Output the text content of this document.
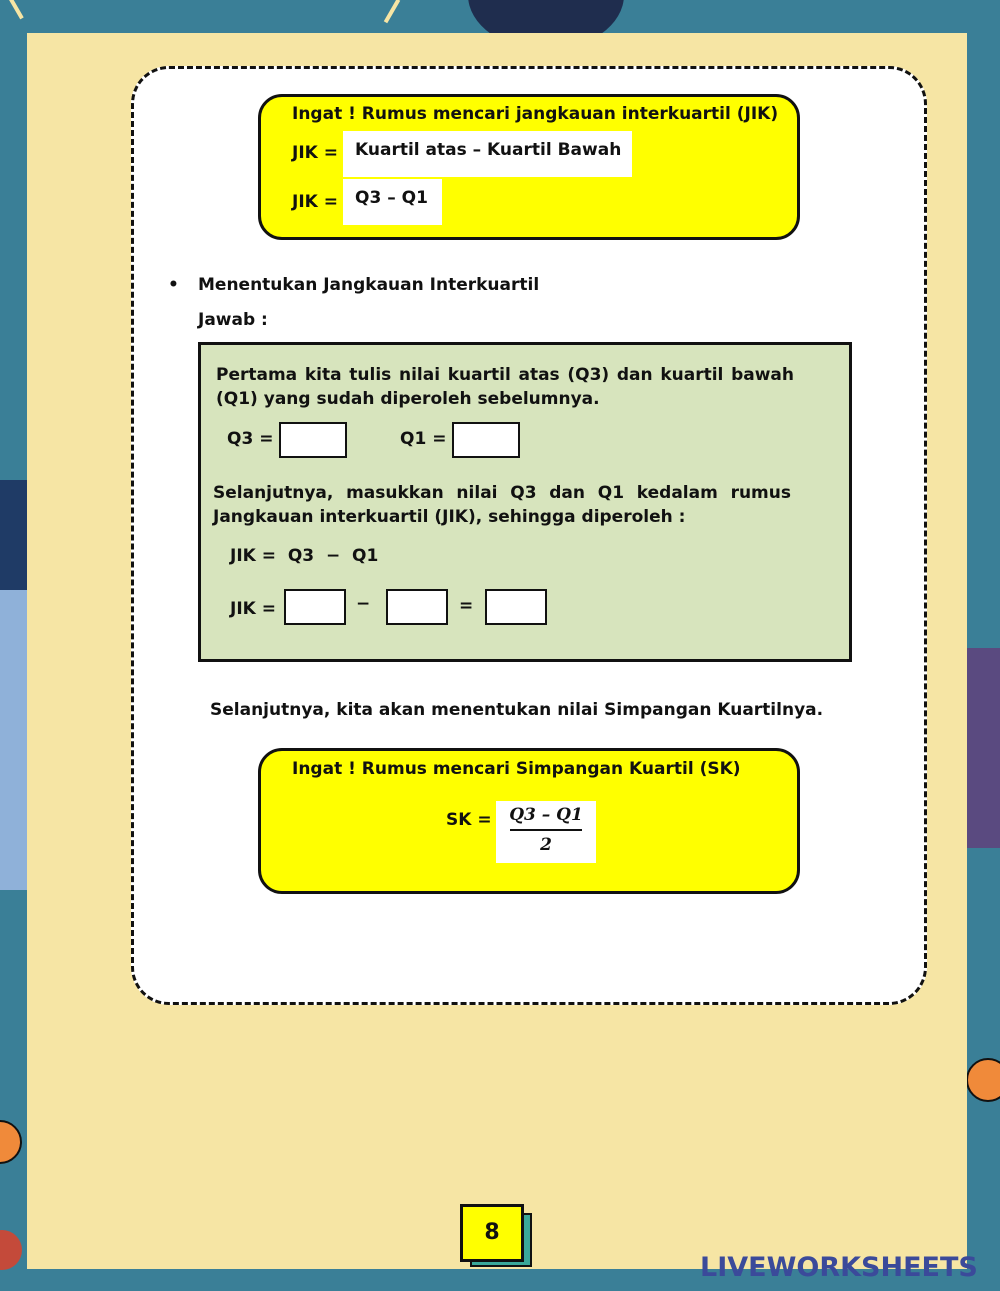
Ingat ! Rumus mencari jangkauan interkuartil (JIK)
JIK = Kuartil atas – Kuartil Bawah
JIK = Q3 – Q1
• Menentukan Jangkauan Interkuartil
Jawab :
Pertama kita tulis nilai kuartil atas (Q3) dan kuartil bawah (Q1) yang sudah diperoleh sebelumnya.
Q3 =	Q1 =
Selanjutnya, masukkan nilai Q3 dan Q1 kedalam rumus Jangkauan interkuartil (JIK), sehingga diperoleh :
JIK =  Q3  −  Q1
JIK =	−	=
Selanjutnya, kita akan menentukan nilai Simpangan Kuartilnya.
Ingat ! Rumus mencari Simpangan Kuartil (SK)
SK =	Q3 – Q1
2
8
LIVEWORKSHEETS
